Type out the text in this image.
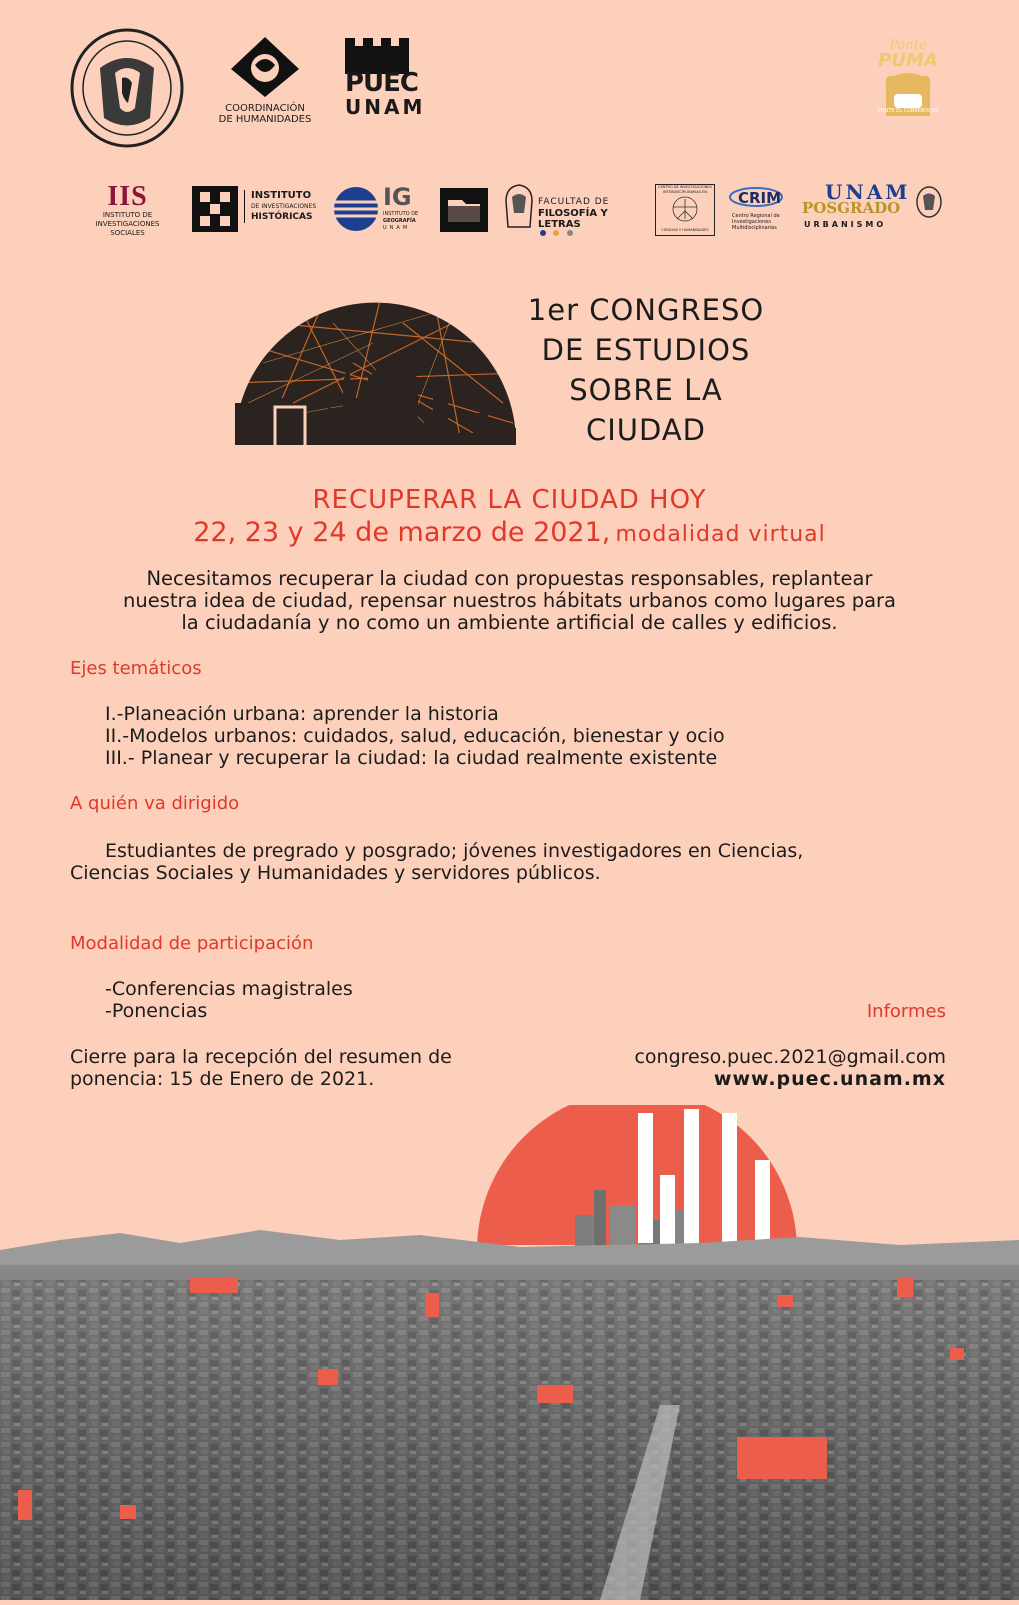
COORDINACIÓN
DE HUMANIDADES
PUEC
UNAM
Ponte
PUMA
PONTE EL CUBREBOCAS
IIS
INSTITUTO DE INVESTIGACIONES
SOCIALES
INSTITUTO
DE INVESTIGACIONES
HISTÓRICAS
IG
INSTITUTO DE
GEOGRAFÍA
UNAM
FACULTAD DE
FILOSOFÍA Y LETRAS

CENTRO DE INVESTIGACIONES
INTERDISCIPLINARIAS EN
CIENCIAS Y HUMANIDADES
CRIM
Centro Regional de
Investigaciones
Multidisciplinarias
UNAM
POSGRADO
URBANISMO
1er CONGRESO
DE ESTUDIOS
SOBRE LA
CIUDAD
RECUPERAR LA CIUDAD HOY
22, 23 y 24 de marzo de 2021, modalidad virtual
Necesitamos recuperar la ciudad con propuestas responsables, replantear
nuestra idea de ciudad, repensar nuestros hábitats urbanos como lugares para
la ciudadanía y no como un ambiente artificial de calles y edificios.
Ejes temáticos
I.-Planeación urbana: aprender la historia
II.-Modelos urbanos: cuidados, salud, educación, bienestar y ocio
III.- Planear y recuperar la ciudad: la ciudad realmente existente
A quién va dirigido
Estudiantes de pregrado y posgrado; jóvenes investigadores en Ciencias,
Ciencias Sociales y Humanidades y servidores públicos.
Modalidad de participación
-Conferencias magistrales
-Ponencias	Informes
Cierre para la recepción del resumen de
ponencia: 15 de Enero de 2021.
congreso.puec.2021@gmail.com
www.puec.unam.mx
